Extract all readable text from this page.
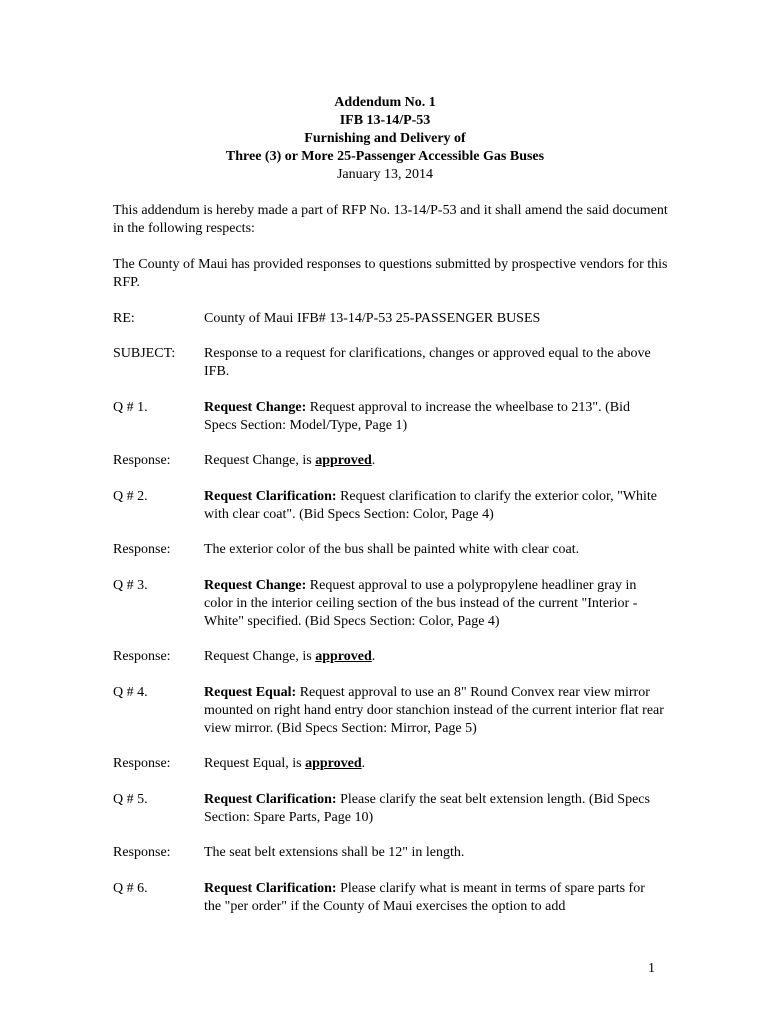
Addendum No. 1
IFB 13-14/P-53
Furnishing and Delivery of
Three (3) or More 25-Passenger Accessible Gas Buses
January 13, 2014
This addendum is hereby made a part of RFP No. 13-14/P-53 and it shall amend the said document in the following respects:
The County of Maui has provided responses to questions submitted by prospective vendors for this RFP.
RE:	County of Maui IFB# 13-14/P-53 25-PASSENGER BUSES
SUBJECT:	Response to a request for clarifications, changes or approved equal to the above IFB.
Q # 1.	Request Change: Request approval to increase the wheelbase to 213". (Bid Specs Section: Model/Type, Page 1)
Response:	Request Change, is approved.
Q # 2.	Request Clarification: Request clarification to clarify the exterior color, "White with clear coat". (Bid Specs Section: Color, Page 4)
Response:	The exterior color of the bus shall be painted white with clear coat.
Q # 3.	Request Change: Request approval to use a polypropylene headliner gray in color in the interior ceiling section of the bus instead of the current "Interior - White" specified. (Bid Specs Section: Color, Page 4)
Response:	Request Change, is approved.
Q # 4.	Request Equal: Request approval to use an 8" Round Convex rear view mirror mounted on right hand entry door stanchion instead of the current interior flat rear view mirror. (Bid Specs Section: Mirror, Page 5)
Response:	Request Equal, is approved.
Q # 5.	Request Clarification: Please clarify the seat belt extension length. (Bid Specs Section: Spare Parts, Page 10)
Response:	The seat belt extensions shall be 12" in length.
Q # 6.	Request Clarification: Please clarify what is meant in terms of spare parts for the "per order" if the County of Maui exercises the option to add
1
